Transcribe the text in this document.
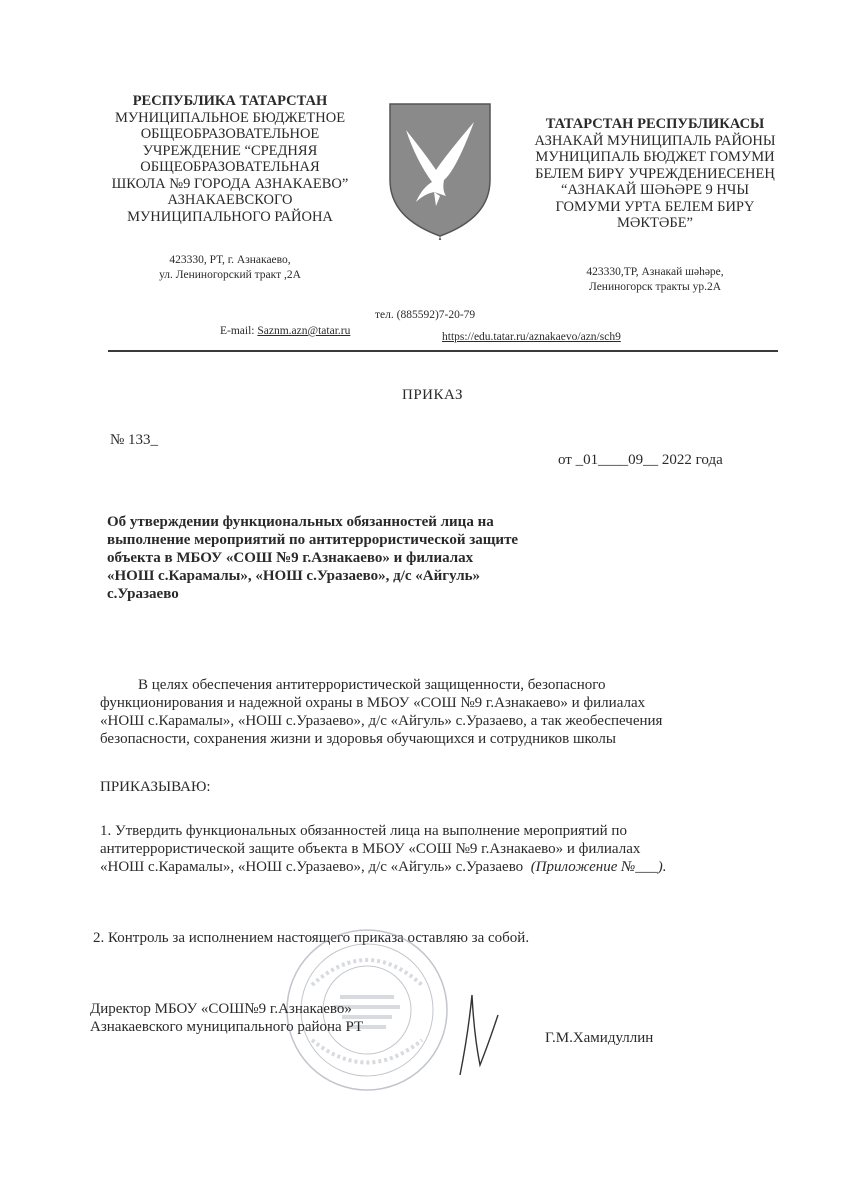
РЕСПУБЛИКА ТАТАРСТАН
МУНИЦИПАЛЬНОЕ БЮДЖЕТНОЕ
ОБЩЕОБРАЗОВАТЕЛЬНОЕ
УЧРЕЖДЕНИЕ “СРЕДНЯЯ
ОБЩЕОБРАЗОВАТЕЛЬНАЯ
ШКОЛА №9 ГОРОДА АЗНАКАЕВО”
АЗНАКАЕВСКОГО
МУНИЦИПАЛЬНОГО РАЙОНА
423330, РТ, г. Азнакаево,
ул. Лениногорский тракт ,2А
ТАТАРСТАН РЕСПУБЛИКАСЫ
АЗНАКАЙ МУНИЦИПАЛЬ РАЙОНЫ
МУНИЦИПАЛЬ БЮДЖЕТ ГОМУМИ
БЕЛЕМ БИРҮ УЧРЕЖДЕНИЕСЕНЕҢ
“АЗНАКАЙ ШӘҺӘРЕ 9 НЧЫ
ГОМУМИ УРТА БЕЛЕМ БИРҮ
МӘКТӘБЕ”
423330,ТР, Азнакай шәһәре,
Лениногорск тракты ур.2А
тел. (885592)7-20-79
E-mail: Saznm.azn@tatar.ru	https://edu.tatar.ru/aznakaevo/azn/sch9
ПРИКАЗ
№ 133_
от _01____09__ 2022 года
Об утверждении функциональных обязанностей лица на
выполнение мероприятий по антитеррористической защите
объекта в МБОУ «СОШ №9 г.Азнакаево» и филиалах
«НОШ с.Карамалы», «НОШ с.Уразаево», д/с «Айгуль»
с.Уразаево
В целях обеспечения антитеррористической защищенности, безопасного
функционирования и надежной охраны в МБОУ «СОШ №9 г.Азнакаево» и филиалах
«НОШ с.Карамалы», «НОШ с.Уразаево», д/с «Айгуль» с.Уразаево, а так жеобеспечения
безопасности, сохранения жизни и здоровья обучающихся и сотрудников школы
ПРИКАЗЫВАЮ:
1. Утвердить функциональных обязанностей лица на выполнение мероприятий по
антитеррористической защите объекта в МБОУ «СОШ №9 г.Азнакаево» и филиалах
«НОШ с.Карамалы», «НОШ с.Уразаево», д/с «Айгуль» с.Уразаево (Приложение №___).
2. Контроль за исполнением настоящего приказа оставляю за собой.
Директор МБОУ «СОШ№9 г.Азнакаево»
Азнакаевского муниципального района РТ
Г.М.Хамидуллин
